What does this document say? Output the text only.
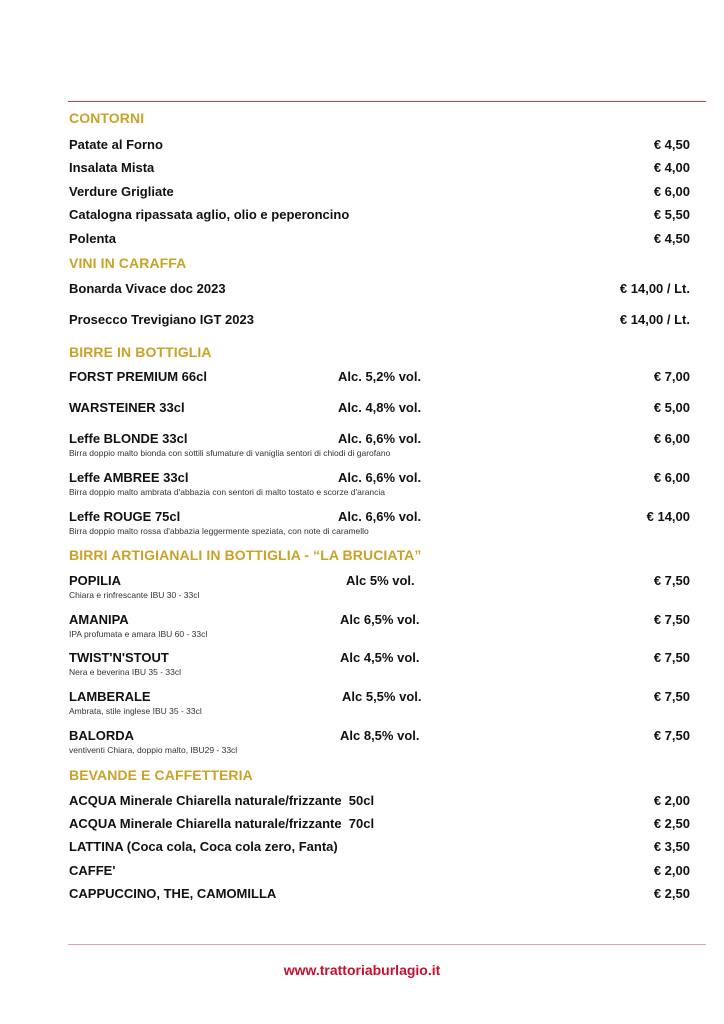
CONTORNI
Patate al Forno	€ 4,50
Insalata Mista	€ 4,00
Verdure Grigliate	€ 6,00
Catalogna ripassata aglio, olio e peperoncino	€ 5,50
Polenta	€ 4,50
VINI IN CARAFFA
Bonarda Vivace doc 2023	€ 14,00 / Lt.
Prosecco Trevigiano IGT 2023	€ 14,00 / Lt.
BIRRE IN BOTTIGLIA
FORST PREMIUM 66cl	Alc. 5,2% vol.	€ 7,00
WARSTEINER 33cl	Alc. 4,8% vol.	€ 5,00
Leffe BLONDE 33cl	Alc. 6,6% vol.	€ 6,00
Birra doppio malto bionda con sottili sfumature di vaniglia sentori di chiodi di garofano
Leffe AMBREE 33cl	Alc. 6,6% vol.	€ 6,00
Birra doppio malto ambrata d'abbazia con sentori di malto tostato e scorze d'arancia
Leffe ROUGE 75cl	Alc. 6,6% vol.	€ 14,00
Birra doppio malto rossa d'abbazia leggermente speziata, con note di caramello
BIRRI ARTIGIANALI IN BOTTIGLIA - “LA BRUCIATA”
POPILIA	Alc 5% vol.	€ 7,50
Chiara e rinfrescante IBU 30 - 33cl
AMANIPA	Alc 6,5% vol.	€ 7,50
IPA profumata e amara IBU 60 - 33cl
TWIST'N'STOUT	Alc 4,5% vol.	€ 7,50
Nera e beverina IBU 35 - 33cl
LAMBERALE	Alc 5,5% vol.	€ 7,50
Ambrata, stile inglese IBU 35 - 33cl
BALORDA	Alc 8,5% vol.	€ 7,50
ventiventi Chiara, doppio malto, IBU29 - 33cl
BEVANDE E CAFFETTERIA
ACQUA Minerale Chiarella naturale/frizzante  50cl	€ 2,00
ACQUA Minerale Chiarella naturale/frizzante  70cl	€ 2,50
LATTINA (Coca cola, Coca cola zero, Fanta)	€ 3,50
CAFFE'	€ 2,00
CAPPUCCINO, THE, CAMOMILLA	€ 2,50
www.trattoriaburlagio.it
